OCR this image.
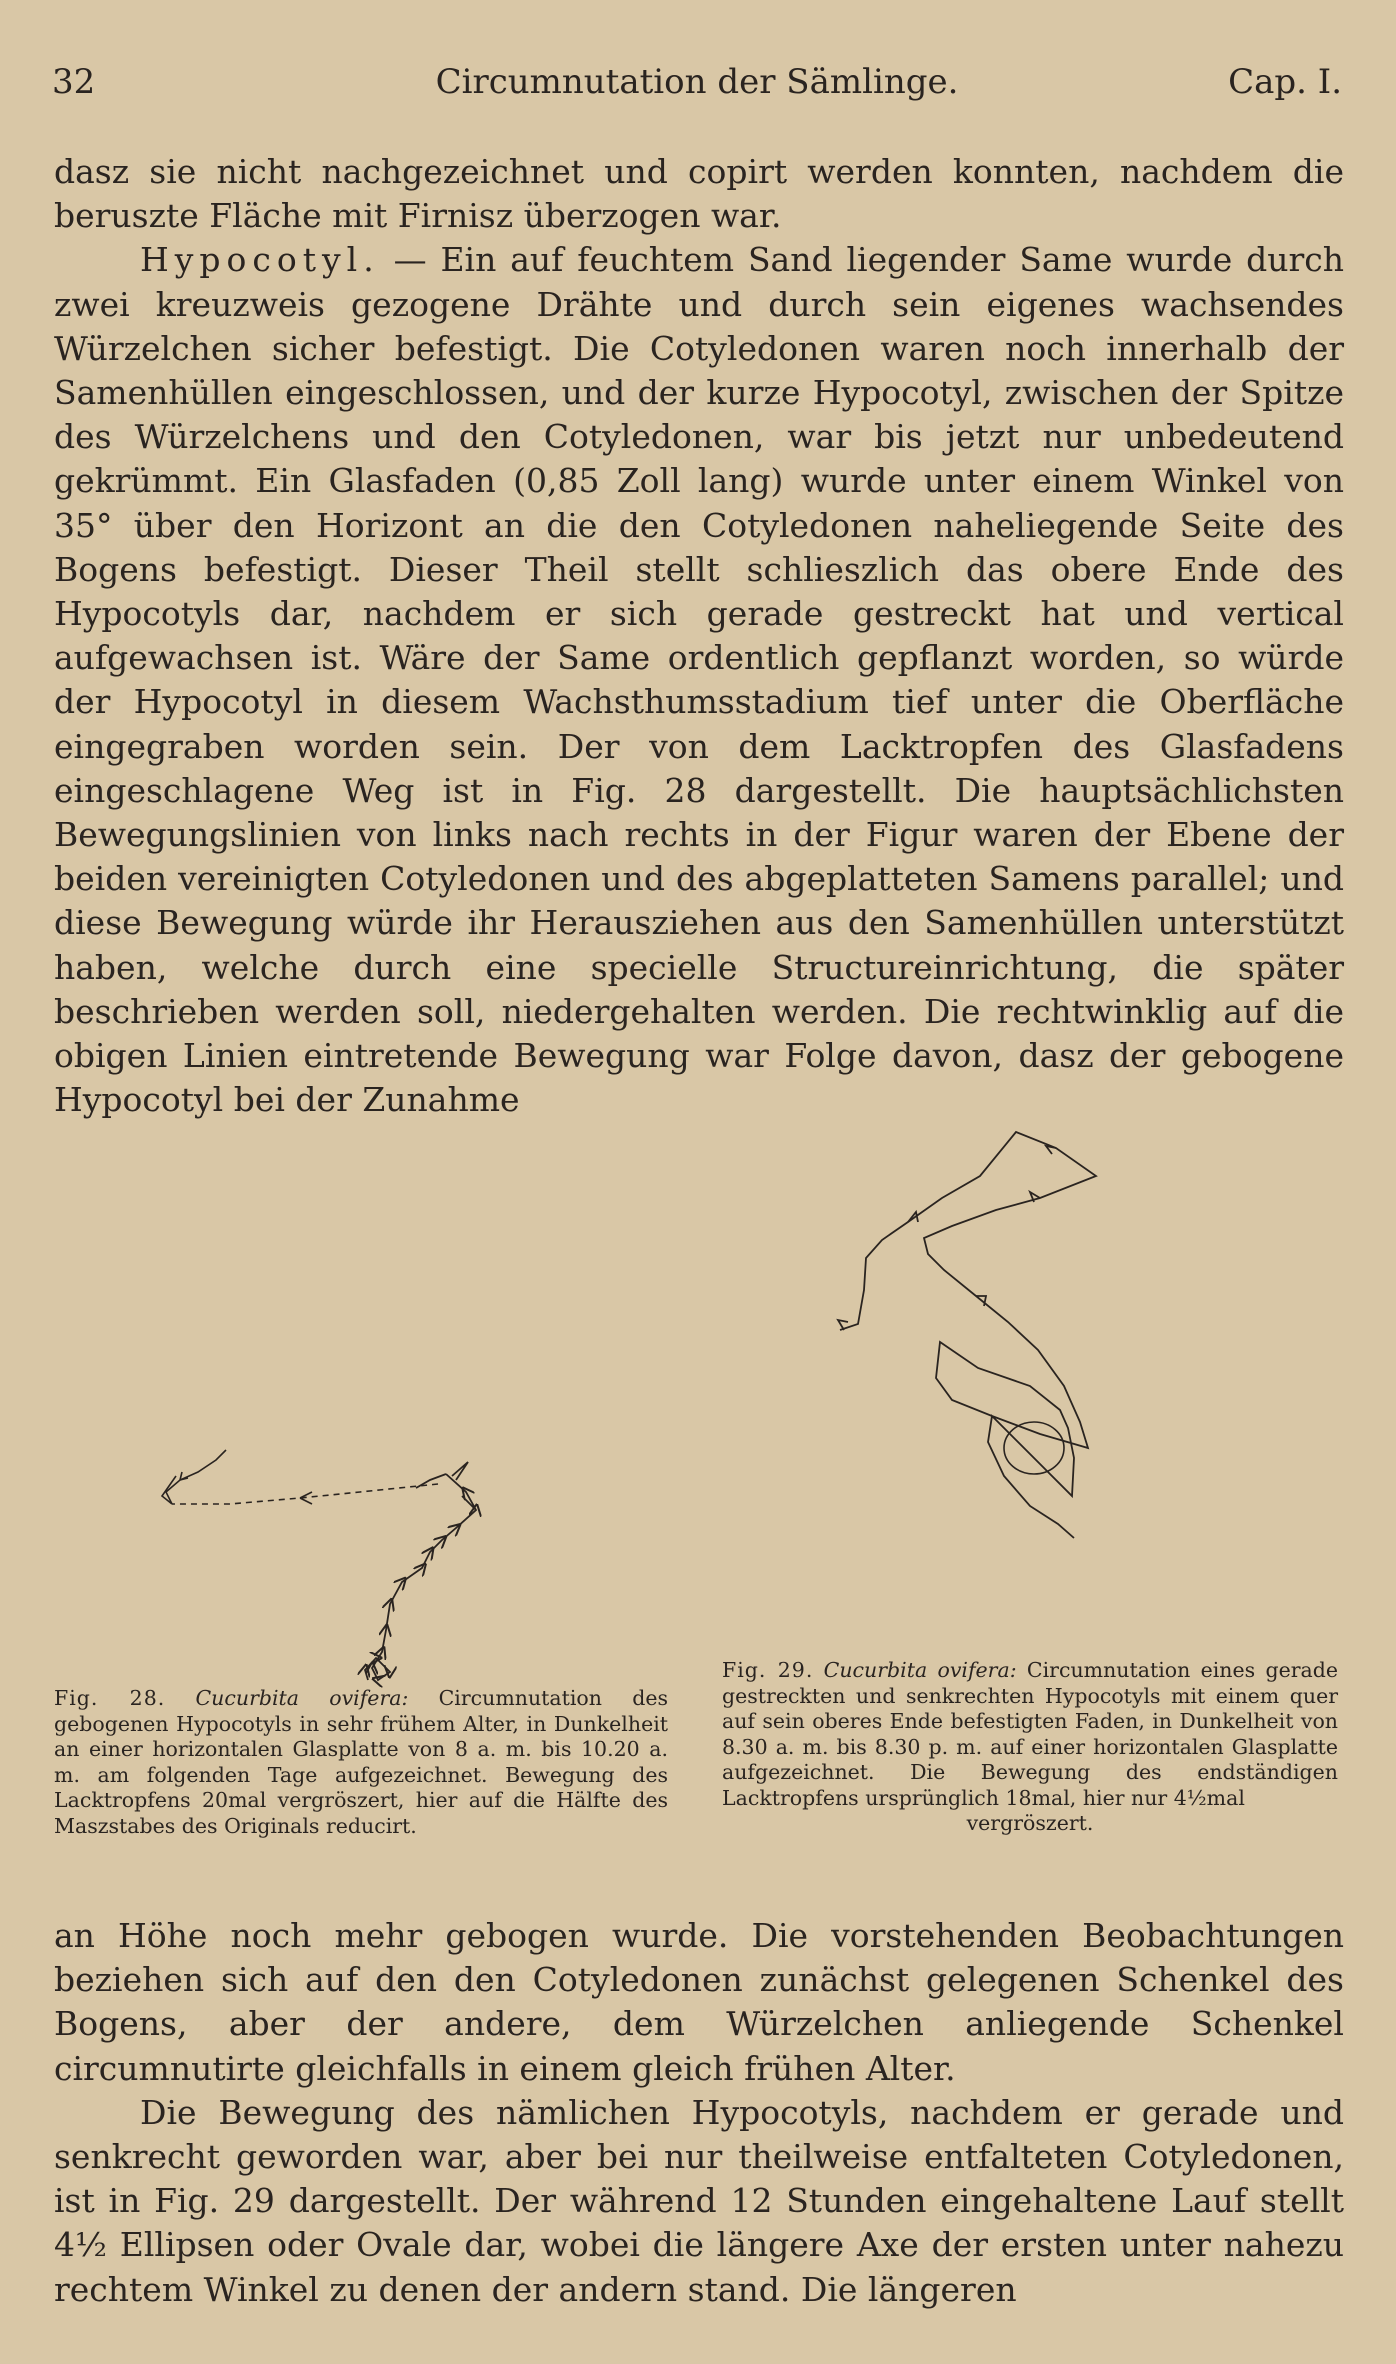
32	Circumnutation der Sämlinge.	Cap. I.

dasz sie nicht nachgezeichnet und copirt werden konnten, nachdem die beruszte Fläche mit Firnisz überzogen war.

Hypocotyl. — Ein auf feuchtem Sand liegender Same wurde durch zwei kreuzweis gezogene Drähte und durch sein eigenes wachsendes Würzelchen sicher befestigt. Die Cotyledonen waren noch innerhalb der Samenhüllen eingeschlossen, und der kurze Hypocotyl, zwischen der Spitze des Würzelchens und den Cotyledonen, war bis jetzt nur unbedeutend gekrümmt. Ein Glasfaden (0,85 Zoll lang) wurde unter einem Winkel von 35° über den Horizont an die den Cotyledonen naheliegende Seite des Bogens befestigt. Dieser Theil stellt schlieszlich das obere Ende des Hypocotyls dar, nachdem er sich gerade gestreckt hat und vertical aufgewachsen ist. Wäre der Same ordentlich gepflanzt worden, so würde der Hypocotyl in diesem Wachsthumsstadium tief unter die Oberfläche eingegraben worden sein. Der von dem Lacktropfen des Glasfadens eingeschlagene Weg ist in Fig. 28 dargestellt. Die hauptsächlichsten Bewegungslinien von links nach rechts in der Figur waren der Ebene der beiden vereinigten Cotyledonen und des abgeplatteten Samens parallel; und diese Bewegung würde ihr Herausziehen aus den Samenhüllen unterstützt haben, welche durch eine specielle Structureinrichtung, die später beschrieben werden soll, niedergehalten werden. Die rechtwinklig auf die obigen Linien eintretende Bewegung war Folge davon, dasz der gebogene Hypocotyl bei der Zunahme

Fig. 28. Cucurbita ovifera: Circumnutation des gebogenen Hypocotyls in sehr frühem Alter, in Dunkelheit an einer horizontalen Glasplatte von 8 a. m. bis 10.20 a. m. am folgenden Tage aufgezeichnet. Bewegung des Lacktropfens 20mal vergröszert, hier auf die Hälfte des Maszstabes des Originals reducirt.
Fig. 29. Cucurbita ovifera: Circumnutation eines gerade gestreckten und senkrechten Hypocotyls mit einem quer auf sein oberes Ende befestigten Faden, in Dunkelheit von 8.30 a. m. bis 8.30 p. m. auf einer horizontalen Glasplatte aufgezeichnet. Die Bewegung des endständigen Lacktropfens ursprünglich 18mal, hier nur 4½mal
vergröszert.

an Höhe noch mehr gebogen wurde. Die vorstehenden Beobachtungen beziehen sich auf den den Cotyledonen zunächst gelegenen Schenkel des Bogens, aber der andere, dem Würzelchen anliegende Schenkel circumnutirte gleichfalls in einem gleich frühen Alter.

Die Bewegung des nämlichen Hypocotyls, nachdem er gerade und senkrecht geworden war, aber bei nur theilweise entfalteten Cotyledonen, ist in Fig. 29 dargestellt. Der während 12 Stunden eingehaltene Lauf stellt 4½ Ellipsen oder Ovale dar, wobei die längere Axe der ersten unter nahezu rechtem Winkel zu denen der andern stand. Die längeren
